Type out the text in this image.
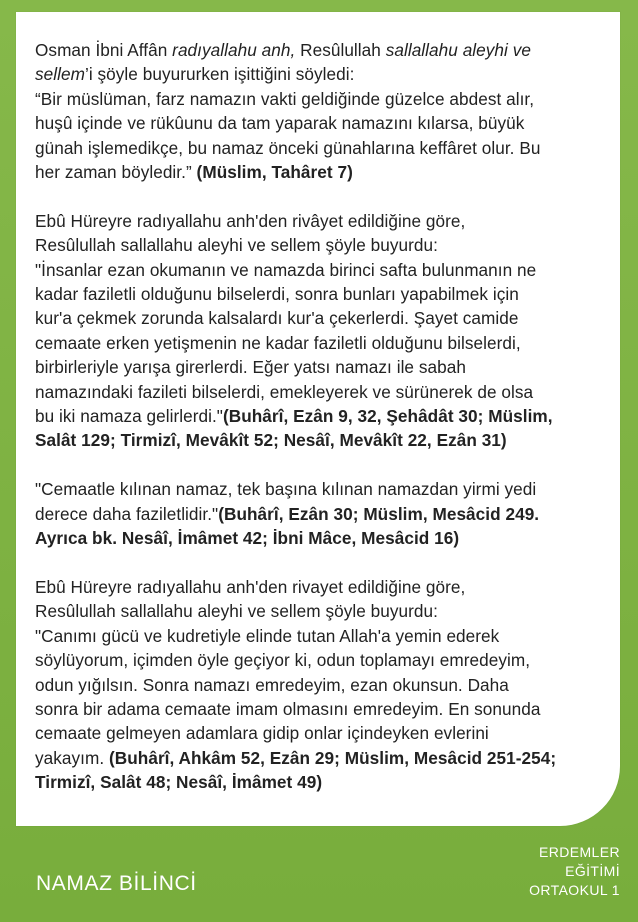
Osman İbni Affân radıyallahu anh, Resûlullah sallallahu aleyhi ve

sellem’i şöyle buyururken işittiğini söyledi:

“Bir müslüman, farz namazın vakti geldiğinde güzelce abdest alır,

huşû içinde ve rükûunu da tam yaparak namazını kılarsa, büyük

günah işlemedikçe, bu namaz önceki günahlarına keffâret olur. Bu

her zaman böyledir.” (Müslim, Tahâret 7)

Ebû Hüreyre radıyallahu anh'den rivâyet edildiğine göre,

Resûlullah sallallahu aleyhi ve sellem şöyle buyurdu:

"İnsanlar ezan okumanın ve namazda birinci safta bulunmanın ne

kadar faziletli olduğunu bilselerdi, sonra bunları yapabilmek için

kur'a çekmek zorunda kalsalardı kur'a çekerlerdi. Şayet camide

cemaate erken yetişmenin ne kadar faziletli olduğunu bilselerdi,

birbirleriyle yarışa girerlerdi. Eğer yatsı namazı ile sabah

namazındaki fazileti bilselerdi, emekleyerek ve sürünerek de olsa

bu iki namaza gelirlerdi."(Buhârî, Ezân 9, 32, Şehâdât 30; Müslim,

Salât 129; Tirmizî, Mevâkît 52; Nesâî, Mevâkît 22, Ezân 31)

"Cemaatle kılınan namaz, tek başına kılınan namazdan yirmi yedi

derece daha faziletlidir."(Buhârî, Ezân 30; Müslim, Mesâcid 249.

Ayrıca bk. Nesâî, İmâmet 42; İbni Mâce, Mesâcid 16)

Ebû Hüreyre radıyallahu anh'den rivayet edildiğine göre,

Resûlullah sallallahu aleyhi ve sellem şöyle buyurdu:

"Canımı gücü ve kudretiyle elinde tutan Allah'a yemin ederek

söylüyorum, içimden öyle geçiyor ki, odun toplamayı emredeyim,

odun yığılsın. Sonra namazı emredeyim, ezan okunsun. Daha

sonra bir adama cemaate imam olmasını emredeyim. En sonunda

cemaate gelmeyen adamlara gidip onlar içindeyken evlerini

yakayım. (Buhârî, Ahkâm 52, Ezân 29; Müslim, Mesâcid 251-254;

Tirmizî, Salât 48; Nesâî, İmâmet 49)

NAMAZ BİLİNCİ
ERDEMLER
EĞİTİMİ
ORTAOKUL 1
